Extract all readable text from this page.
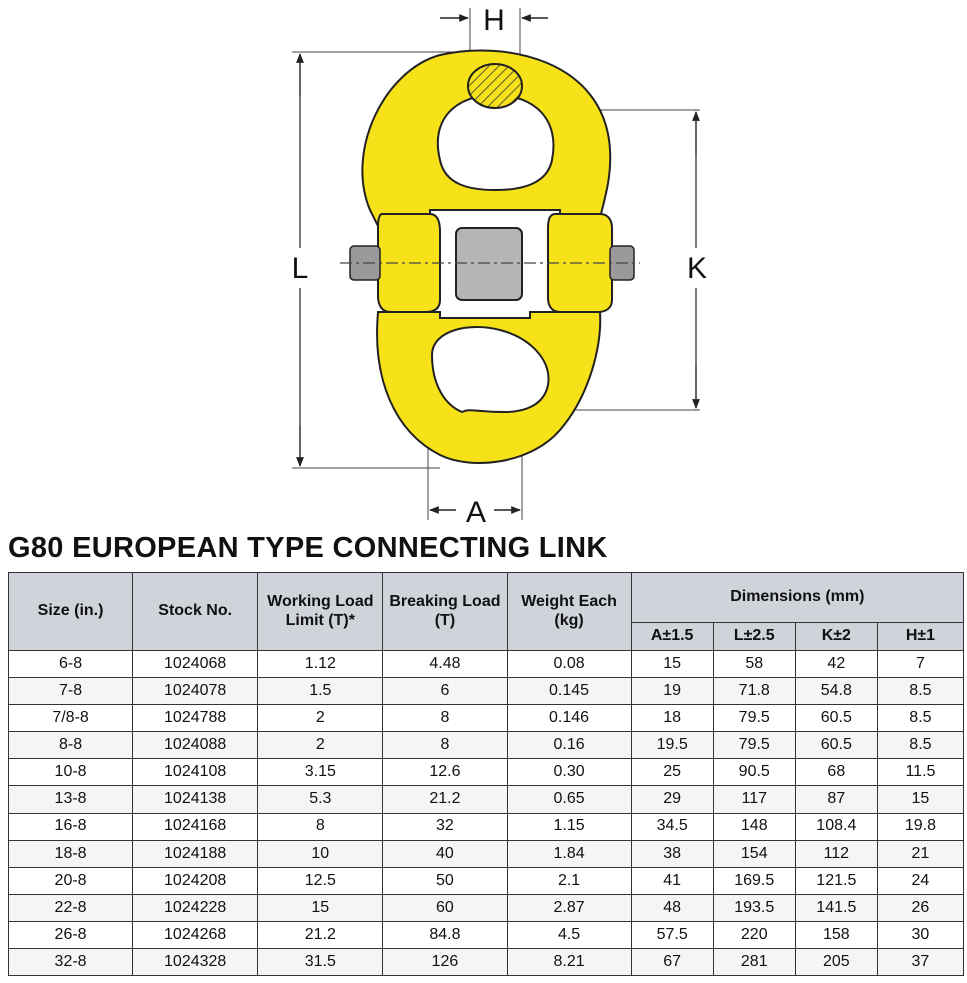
H
L	K
A
G80 EUROPEAN TYPE CONNECTING LINK
Size (in.)	Stock No.	Working Load Limit (T)*	Breaking Load (T)	Weight Each (kg)	Dimensions (mm)			
					A±1.5	L±2.5	K±2	H±1
6-8	1024068	1.12	4.48	0.08	15	58	42	7
7-8	1024078	1.5	6	0.145	19	71.8	54.8	8.5
7/8-8	1024788	2	8	0.146	18	79.5	60.5	8.5
8-8	1024088	2	8	0.16	19.5	79.5	60.5	8.5
10-8	1024108	3.15	12.6	0.30	25	90.5	68	11.5
13-8	1024138	5.3	21.2	0.65	29	117	87	15
16-8	1024168	8	32	1.15	34.5	148	108.4	19.8
18-8	1024188	10	40	1.84	38	154	112	21
20-8	1024208	12.5	50	2.1	41	169.5	121.5	24
22-8	1024228	15	60	2.87	48	193.5	141.5	26
26-8	1024268	21.2	84.8	4.5	57.5	220	158	30
32-8	1024328	31.5	126	8.21	67	281	205	37
